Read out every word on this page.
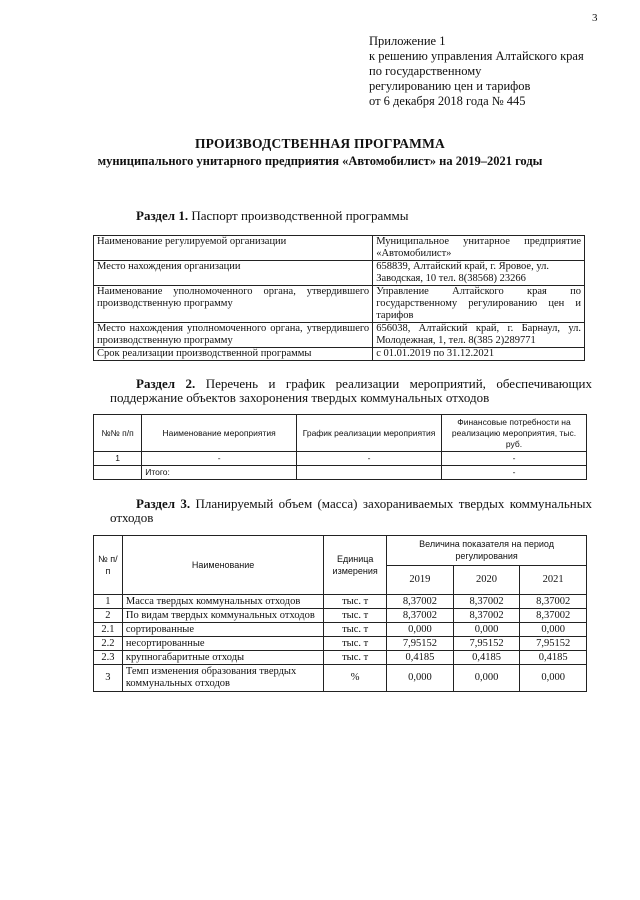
3
Приложение 1
к решению управления Алтайского края
по государственному
регулированию цен и тарифов
от 6 декабря 2018 года № 445
ПРОИЗВОДСТВЕННАЯ ПРОГРАММА
муниципального унитарного предприятия «Автомобилист» на 2019–2021 годы
Раздел 1. Паспорт производственной программы
Наименование регулируемой организации	Муниципальное унитарное предприятие «Автомобилист»
Место нахождения организации	658839, Алтайский край, г. Яровое, ул. Заводская, 10 тел. 8(38568) 23266
Наименование уполномоченного органа, утвердившего производственную программу	Управление Алтайского края по государственному регулированию цен и тарифов
Место нахождения уполномоченного органа, утвердившего производственную программу	656038, Алтайский край, г. Барнаул, ул. Молодежная, 1, тел. 8(385 2)289771
Срок реализации производственной программы	с 01.01.2019 по 31.12.2021
Раздел 2. Перечень и график реализации мероприятий, обеспечивающих поддержание объектов захоронения твердых коммунальных отходов
№№ п/п	Наименование мероприятия	График реализации мероприятия	Финансовые потребности на реализацию мероприятия, тыс. руб.
1	-	-	-
	Итого:		-
Раздел 3. Планируемый объем (масса) захораниваемых твердых коммунальных отходов
№ п/п	Наименование	Единица измерения	Величина показателя на период регулирования		
			2019	2020	2021
1	Масса твердых коммунальных отходов	тыс. т	8,37002	8,37002	8,37002
2	По видам твердых коммунальных отходов	тыс. т	8,37002	8,37002	8,37002
2.1	сортированные	тыс. т	0,000	0,000	0,000
2.2	несортированные	тыс. т	7,95152	7,95152	7,95152
2.3	крупногабаритные отходы	тыс. т	0,4185	0,4185	0,4185
3	Темп изменения образования твердых коммунальных отходов	%	0,000	0,000	0,000
